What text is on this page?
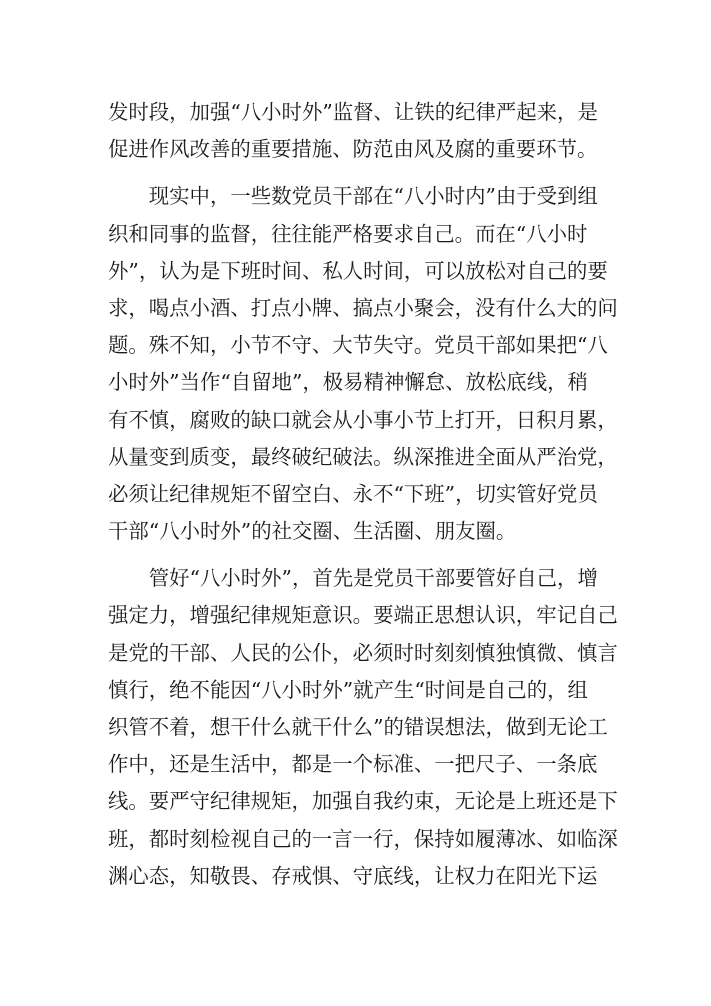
发时段，加强“八小时外”监督、让铁的纪律严起来，是
促进作风改善的重要措施、防范由风及腐的重要环节。
　　现实中，一些数党员干部在“八小时内”由于受到组
织和同事的监督，往往能严格要求自己。而在“八小时
外”，认为是下班时间、私人时间，可以放松对自己的要
求，喝点小酒、打点小牌、搞点小聚会，没有什么大的问
题。殊不知，小节不守、大节失守。党员干部如果把“八
小时外”当作“自留地”，极易精神懈怠、放松底线，稍
有不慎，腐败的缺口就会从小事小节上打开，日积月累，
从量变到质变，最终破纪破法。纵深推进全面从严治党，
必须让纪律规矩不留空白、永不“下班”，切实管好党员
干部“八小时外”的社交圈、生活圈、朋友圈。
　　管好“八小时外”，首先是党员干部要管好自己，增
强定力，增强纪律规矩意识。要端正思想认识，牢记自己
是党的干部、人民的公仆，必须时时刻刻慎独慎微、慎言
慎行，绝不能因“八小时外”就产生“时间是自己的，组
织管不着，想干什么就干什么”的错误想法，做到无论工
作中，还是生活中，都是一个标准、一把尺子、一条底
线。要严守纪律规矩，加强自我约束，无论是上班还是下
班，都时刻检视自己的一言一行，保持如履薄冰、如临深
渊心态，知敬畏、存戒惧、守底线，让权力在阳光下运
